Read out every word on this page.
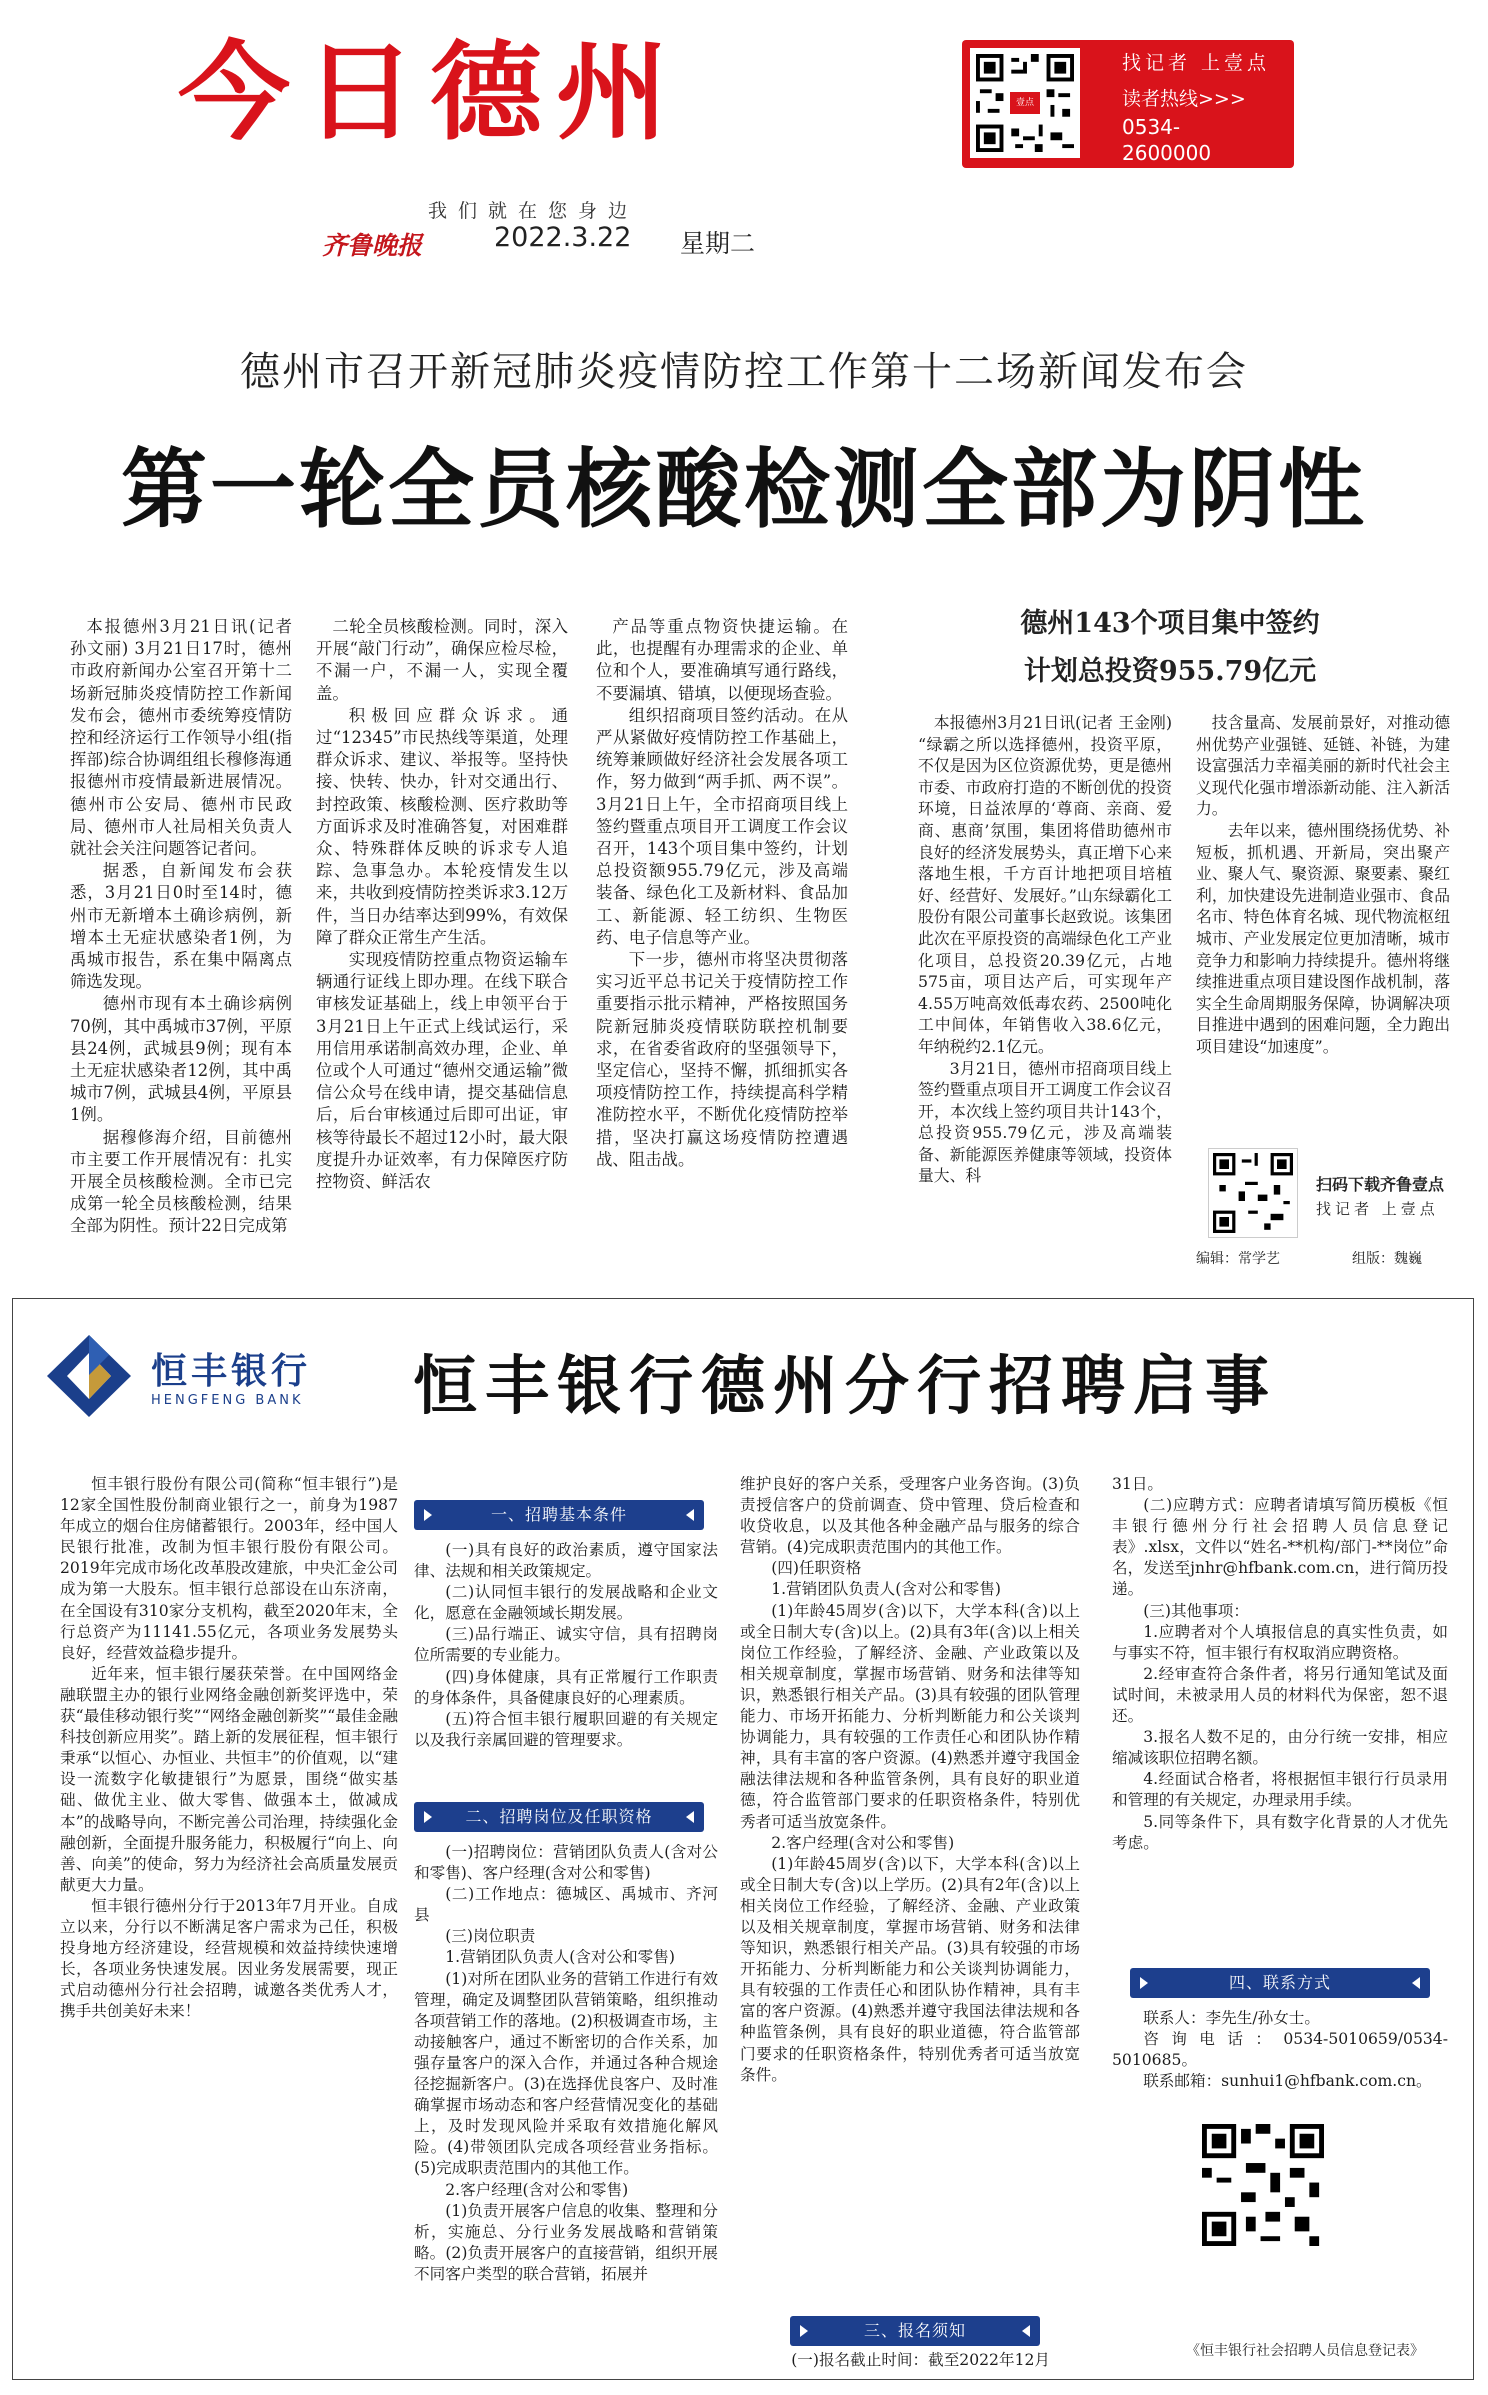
今日德州
我们就在您身边
齐鲁晚报	2022.3.22 星期二
壹点
找记者 上壹点
读者热线>>>
0534-2600000
德州市召开新冠肺炎疫情防控工作第十二场新闻发布会
第一轮全员核酸检测全部为阴性

本报德州3月21日讯(记者 孙文丽) 3月21日17时，德州市政府新闻办公室召开第十二场新冠肺炎疫情防控工作新闻发布会，德州市委统筹疫情防控和经济运行工作领导小组(指挥部)综合协调组组长穆修海通报德州市疫情最新进展情况。德州市公安局、德州市民政局、德州市人社局相关负责人就社会关注问题答记者问。

据悉，自新闻发布会获悉，3月21日0时至14时，德州市无新增本土确诊病例，新增本土无症状感染者1例，为禹城市报告，系在集中隔离点筛选发现。

德州市现有本土确诊病例70例，其中禹城市37例，平原县24例，武城县9例；现有本土无症状感染者12例，其中禹城市7例，武城县4例，平原县1例。

据穆修海介绍，目前德州市主要工作开展情况有：扎实开展全员核酸检测。全市已完成第一轮全员核酸检测，结果全部为阴性。预计22日完成第

二轮全员核酸检测。同时，深入开展“敲门行动”，确保应检尽检，不漏一户，不漏一人，实现全覆盖。

积极回应群众诉求。通过“12345”市民热线等渠道，处理群众诉求、建议、举报等。坚持快接、快转、快办，针对交通出行、封控政策、核酸检测、医疗救助等方面诉求及时准确答复，对困难群众、特殊群体反映的诉求专人追踪、急事急办。本轮疫情发生以来，共收到疫情防控类诉求3.12万件，当日办结率达到99%，有效保障了群众正常生产生活。

实现疫情防控重点物资运输车辆通行证线上即办理。在线下联合审核发证基础上，线上申领平台于3月21日上午正式上线试运行，采用信用承诺制高效办理，企业、单位或个人可通过“德州交通运输”微信公众号在线申请，提交基础信息后，后台审核通过后即可出证，审核等待最长不超过12小时，最大限度提升办证效率，有力保障医疗防控物资、鲜活农

产品等重点物资快捷运输。在此，也提醒有办理需求的企业、单位和个人，要准确填写通行路线，不要漏填、错填，以便现场查验。

组织招商项目签约活动。在从严从紧做好疫情防控工作基础上，统筹兼顾做好经济社会发展各项工作，努力做到“两手抓、两不误”。3月21日上午，全市招商项目线上签约暨重点项目开工调度工作会议召开，143个项目集中签约，计划总投资额955.79亿元，涉及高端装备、绿色化工及新材料、食品加工、新能源、轻工纺织、生物医药、电子信息等产业。

下一步，德州市将坚决贯彻落实习近平总书记关于疫情防控工作重要指示批示精神，严格按照国务院新冠肺炎疫情联防联控机制要求，在省委省政府的坚强领导下，坚定信心，坚持不懈，抓细抓实各项疫情防控工作，持续提高科学精准防控水平，不断优化疫情防控举措，坚决打赢这场疫情防控遭遇战、阻击战。

德州143个项目集中签约
计划总投资955.79亿元

本报德州3月21日讯(记者 王金刚) “绿霸之所以选择德州，投资平原，不仅是因为区位资源优势，更是德州市委、市政府打造的不断创优的投资环境，日益浓厚的‘尊商、亲商、爱商、惠商’氛围，集团将借助德州市良好的经济发展势头，真正増下心来落地生根，千方百计地把项目培植好、经营好、发展好。”山东绿霸化工股份有限公司董事长赵致说。该集团此次在平原投资的高端绿色化工产业化项目，总投资20.39亿元，占地575亩，项目达产后，可实现年产4.55万吨高效低毒农药、2500吨化工中间体，年销售收入38.6亿元，年纳税约2.1亿元。

3月21日，德州市招商项目线上签约暨重点项目开工调度工作会议召开，本次线上签约项目共计143个，总投资955.79亿元，涉及高端装备、新能源医养健康等领域，投资体量大、科

技含量高、发展前景好，对推动德州优势产业强链、延链、补链，为建设富强活力幸福美丽的新时代社会主义现代化强市增添新动能、注入新活力。

去年以来，德州围绕扬优势、补短板，抓机遇、开新局，突出聚产业、聚人气、聚资源、聚要素、聚红利，加快建设先进制造业强市、食品名市、特色体育名城、现代物流枢纽城市、产业发展定位更加清晰，城市竞争力和影响力持续提升。德州将继续推进重点项目建设图作战机制，落实全生命周期服务保障，协调解决项目推进中遇到的困难问题，全力跑出项目建设“加速度”。

扫码下载齐鲁壹点
找记者 上壹点
编辑：常学艺	组版：魏巍
恒丰银行
HENGFENG BANK 恒丰银行德州分行招聘启事

恒丰银行股份有限公司(简称“恒丰银行”)是12家全国性股份制商业银行之一，前身为1987年成立的烟台住房储蓄银行。2003年，经中国人民银行批准，改制为恒丰银行股份有限公司。2019年完成市场化改革股改建旅，中央汇金公司成为第一大股东。恒丰银行总部设在山东济南，在全国设有310家分支机构，截至2020年末，全行总资产为11141.55亿元，各项业务发展势头良好，经营效益稳步提升。

近年来，恒丰银行屡获荣誉。在中国网络金融联盟主办的银行业网络金融创新奖评选中，荣获“最佳移动银行奖”“网络金融创新奖”“最佳金融科技创新应用奖”。踏上新的发展征程，恒丰银行秉承“以恒心、办恒业、共恒丰”的价值观，以“建设一流数字化敏捷银行”为愿景，围绕“做实基础、做优主业、做大零售、做强本土，做减成本”的战略导向，不断完善公司治理，持续强化金融创新，全面提升服务能力，积极履行“向上、向善、向美”的使命，努力为经济社会高质量发展贡献更大力量。

恒丰银行德州分行于2013年7月开业。自成立以来，分行以不断满足客户需求为己任，积极投身地方经济建设，经营规模和效益持续快速增长，各项业务快速发展。因业务发展需要，现正式启动德州分行社会招聘，诚邀各类优秀人才，携手共创美好未来！

一、招聘基本条件

(一)具有良好的政治素质，遵守国家法律、法规和相关政策规定。

(二)认同恒丰银行的发展战略和企业文化，愿意在金融领域长期发展。

(三)品行端正、诚实守信，具有招聘岗位所需要的专业能力。

(四)身体健康，具有正常履行工作职责的身体条件，具备健康良好的心理素质。

(五)符合恒丰银行履职回避的有关规定以及我行亲属回避的管理要求。

二、招聘岗位及任职资格

(一)招聘岗位：营销团队负责人(含对公和零售)、客户经理(含对公和零售)

(二)工作地点：德城区、禹城市、齐河县

(三)岗位职责

1.营销团队负责人(含对公和零售)

(1)对所在团队业务的营销工作进行有效管理，确定及调整团队营销策略，组织推动各项营销工作的落地。(2)积极调查市场，主动接触客户，通过不断密切的合作关系，加强存量客户的深入合作，并通过各种合规途径挖掘新客户。(3)在选择优良客户、及时准确掌握市场动态和客户经营情况变化的基础上，及时发现风险并采取有效措施化解风险。(4)带领团队完成各项经营业务指标。(5)完成职责范围内的其他工作。

2.客户经理(含对公和零售)

(1)负责开展客户信息的收集、整理和分析，实施总、分行业务发展战略和营销策略。(2)负责开展客户的直接营销，组织开展不同客户类型的联合营销，拓展并

维护良好的客户关系，受理客户业务咨询。(3)负责授信客户的贷前调查、贷中管理、贷后检查和收贷收息，以及其他各种金融产品与服务的综合营销。(4)完成职责范围内的其他工作。

(四)任职资格

1.营销团队负责人(含对公和零售)

(1)年龄45周岁(含)以下，大学本科(含)以上或全日制大专(含)以上。(2)具有3年(含)以上相关岗位工作经验，了解经济、金融、产业政策以及相关规章制度，掌握市场营销、财务和法律等知识，熟悉银行相关产品。(3)具有较强的团队管理能力、市场开拓能力、分析判断能力和公关谈判协调能力，具有较强的工作责任心和团队协作精神，具有丰富的客户资源。(4)熟悉并遵守我国金融法律法规和各种监管条例，具有良好的职业道德，符合监管部门要求的任职资格条件，特别优秀者可适当放宽条件。

2.客户经理(含对公和零售)

(1)年龄45周岁(含)以下，大学本科(含)以上或全日制大专(含)以上学历。(2)具有2年(含)以上相关岗位工作经验，了解经济、金融、产业政策以及相关规章制度，掌握市场营销、财务和法律等知识，熟悉银行相关产品。(3)具有较强的市场开拓能力、分析判断能力和公关谈判协调能力，具有较强的工作责任心和团队协作精神，具有丰富的客户资源。(4)熟悉并遵守我国法律法规和各种监管条例，具有良好的职业道德，符合监管部门要求的任职资格条件，特别优秀者可适当放宽条件。

三、报名须知

(一)报名截止时间：截至2022年12月

31日。

(二)应聘方式：应聘者请填写简历模板《恒丰银行德州分行社会招聘人员信息登记表》.xlsx，文件以“姓名-**机构/部门-**岗位”命名，发送至jnhr@hfbank.com.cn，进行简历投递。

(三)其他事项：

1.应聘者对个人填报信息的真实性负责，如与事实不符，恒丰银行有权取消应聘资格。

2.经审查符合条件者，将另行通知笔试及面试时间，未被录用人员的材料代为保密，恕不退还。

3.报名人数不足的，由分行统一安排，相应缩减该职位招聘名额。

4.经面试合格者，将根据恒丰银行行员录用和管理的有关规定，办理录用手续。

5.同等条件下，具有数字化背景的人才优先考虑。

四、联系方式

联系人：李先生/孙女士。

咨询电话：0534-5010659/0534-5010685。

联系邮箱：sunhui1@hfbank.com.cn。

《恒丰银行社会招聘人员信息登记表》
